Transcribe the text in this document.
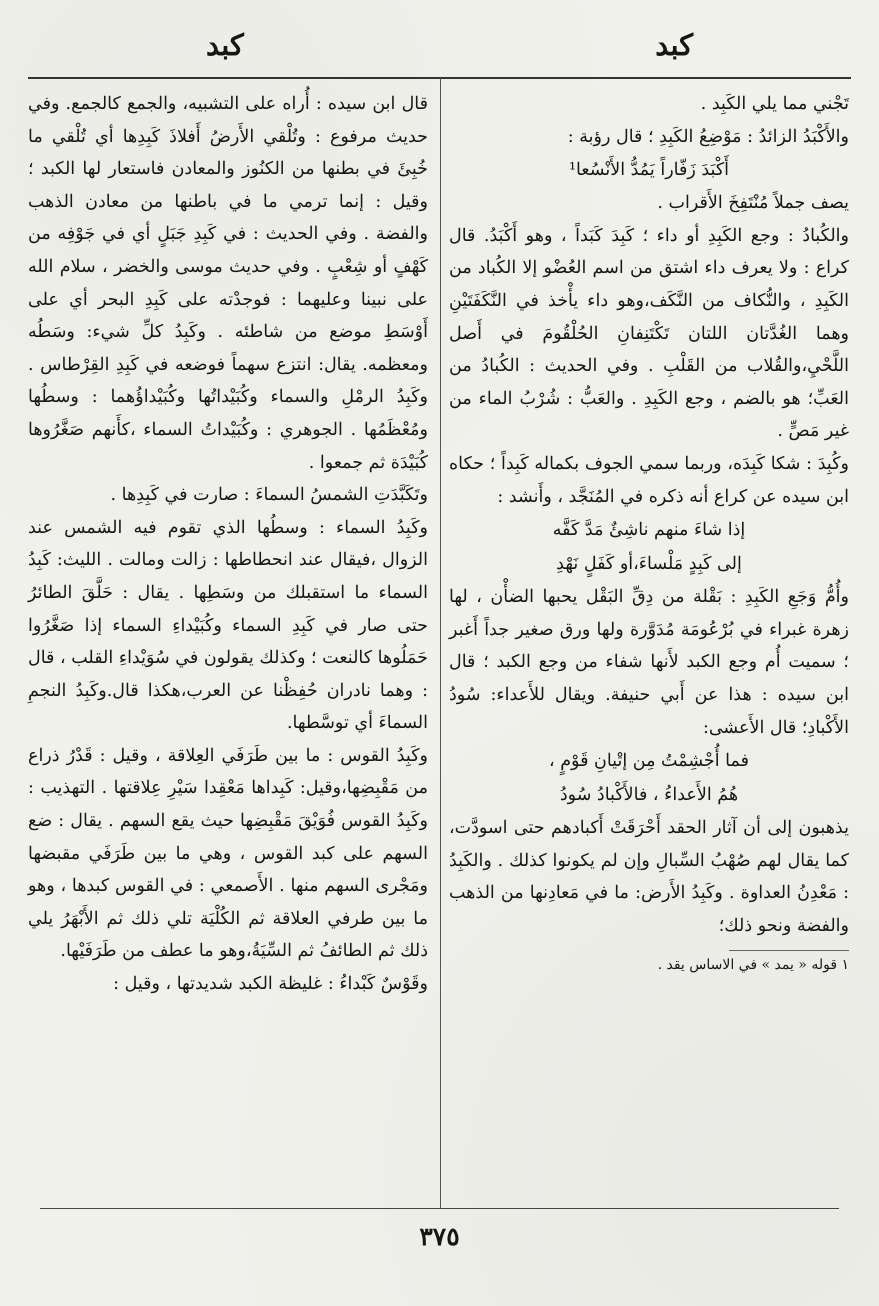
كبد
كبد

تَجْني مما يلي الكَبِد .

والأَكْبَدُ الزائدُ : مَوْضِعُ الكَبِدِ ؛ قال رؤبة :

أَكْبَدَ زَفّاراً يَمُدُّ الأَنْسُعا¹

يصف جملاً مُنْتَفِخَ الأَقراب .

والكُبادُ : وجع الكَبِدِ أو داء ؛ كَبِدَ كَبَداً ، وهو أَكْبَدُ. قال كراع : ولا يعرف داء اشتق من اسم العُضْو إلا الكُباد من الكَبِدِ ، والنُّكاف من النَّكَف،وهو داء يأْخذ في النَّكَفَتَيْنِ وهما الغُدَّتان اللتان تَكْتَنِفانِ الحُلْقُومَ في أَصل اللَّحْيِ،والقُلاب من القَلْبِ . وفي الحديث : الكُبادُ من العَبِّ؛ هو بالضم ، وجع الكَبِدِ . والعَبُّ : شُرْبُ الماء من غير مَصٍّ .

وكُبِدَ : شكا كَبِدَه، وربما سمي الجوف بكماله كَبِداً ؛ حكاه ابن سيده عن كراع أنه ذكره في المُنَجَّد ، وأَنشد :

إذا شاءَ منهم ناشِئٌ مَدَّ كَفَّه

إلى كَبِدٍ مَلْساءَ،أو كَفَلٍ نَهْدِ

وأُمُّ وَجَعِ الكَبِدِ : بَقْلة من دِقِّ البَقْل يحبها الضأْن ، لها زهرة غبراء في بُرْعُومَة مُدَوَّرة ولها ورق صغير جداً أَغبر ؛ سميت أُم وجع الكبد لأَنها شفاء من وجع الكبد ؛ قال ابن سيده : هذا عن أَبي حنيفة. ويقال للأَعداء: سُودُ الأَكْبادِ؛ قال الأَعشى:

فما أُجْشِمْتُ مِن إتْيانِ قَوْمٍ ،

هُمُ الأَعداءُ ، فالأَكْبادُ سُودُ

يذهبون إلى أن آثار الحقد أَحْرَقَتْ أَكبادهم حتى اسودَّت، كما يقال لهم صُهْبُ السِّبالِ وإن لم يكونوا كذلك . والكَبِدُ : مَعْدِنُ العداوة . وكَبِدُ الأَرض: ما في مَعادِنها من الذهب والفضة ونحو ذلك؛

١ قوله « يمد » في الاساس يقد .

قال ابن سيده : أُراه على التشبيه، والجمع كالجمع. وفي حديث مرفوع : وتُلْقي الأَرضُ أَفلاذَ كَبِدِها أي تُلْقي ما خُبِئَ في بطنها من الكنُوز والمعادن فاستعار لها الكبد ؛ وقيل : إنما ترمي ما في باطنها من معادن الذهب والفضة . وفي الحديث : في كَبِدِ جَبَلٍ أي في جَوْفِه من كَهْفٍ أو شِعْبٍ . وفي حديث موسى والخضر ، سلام الله على نبينا وعليهما : فوجدْته على كَبِدِ البحر أي على أَوْسَطِ موضع من شاطئه . وكَبِدُ كلِّ شيء: وسَطُه ومعظمه. يقال: انتزع سهماً فوضعه في كَبِدِ القِرْطاس . وكَبِدُ الرمْلِ والسماء وكُبَيْداتُها وكُبَيْداؤُهما : وسطُها ومُعْظَمُها . الجوهري : وكُبَيْداتُ السماء ،كأَنهم صَغَّرُوها كُبَيْدَة ثم جمعوا .

وتَكَبَّدَتِ الشمسُ السماءَ : صارت في كَبِدِها .

وكَبِدُ السماء : وسطُها الذي تقوم فيه الشمس عند الزوال ،فيقال عند انحطاطها : زالت ومالت . الليث: كَبِدُ السماء ما استقبلك من وسَطِها . يقال : حَلَّقَ الطائرُ حتى صار في كَبِدِ السماء وكُبَيْداءِ السماء إذا صَغَّرُوا حَمَلُوها كالنعت ؛ وكذلك يقولون في سُوَيْداءِ القلب ، قال : وهما نادران حُفِظْنا عن العرب،هكذا قال.وكَبِدُ النجمِ السماءَ أي توسَّطها.

وكَبِدُ القوس : ما بين طَرَفَي العِلاقة ، وقيل : قَدْرُ ذراع من مَقْبِضِها،وقيل: كَبِداها مَعْقِدا سَيْرِ عِلاقتها . التهذيب : وكَبِدُ القوس فُوَيْقَ مَقْبِضِها حيث يقع السهم . يقال : ضع السهم على كبد القوس ، وهي ما بين طَرَفَي مقبضها ومَجْرى السهم منها . الأَصمعي : في القوس كبدها ، وهو ما بين طرفي العلاقة ثم الكُلْيَة تلي ذلك ثم الأَبْهَرُ يلي ذلك ثم الطائفُ ثم السِّيَةُ،وهو ما عطف من طَرَفَيْها.

وقَوْسٌ كَبْداءُ : غليظة الكبد شديدتها ، وقيل :

٣٧٥
